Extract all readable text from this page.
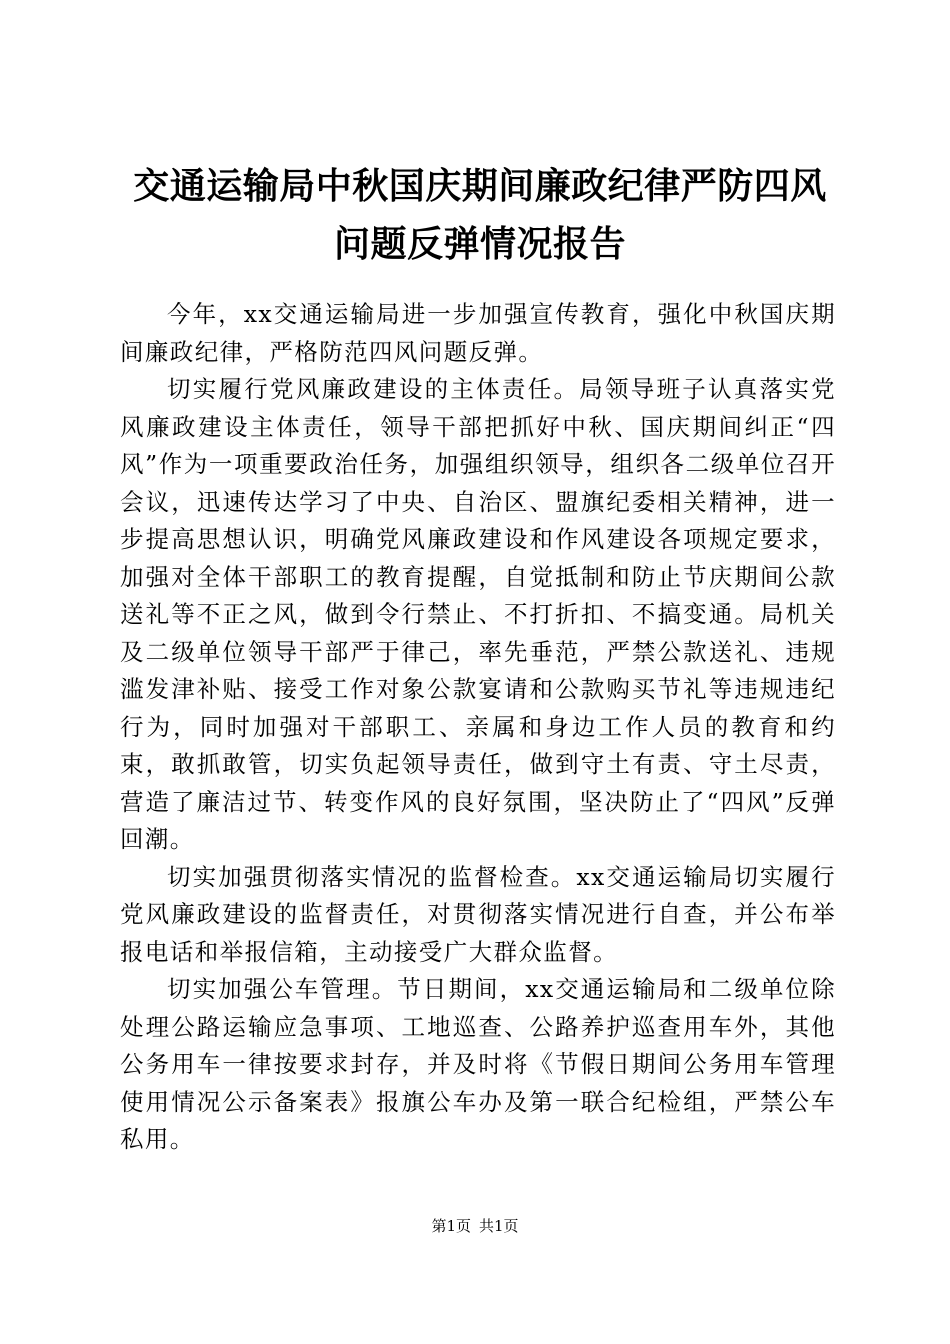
交通运输局中秋国庆期间廉政纪律严防四风问题反弹情况报告

今年，xx交通运输局进一步加强宣传教育，强化中秋国庆期间廉政纪律，严格防范四风问题反弹。

切实履行党风廉政建设的主体责任。局领导班子认真落实党风廉政建设主体责任，领导干部把抓好中秋、国庆期间纠正“四风”作为一项重要政治任务，加强组织领导，组织各二级单位召开会议，迅速传达学习了中央、自治区、盟旗纪委相关精神，进一步提高思想认识，明确党风廉政建设和作风建设各项规定要求，加强对全体干部职工的教育提醒，自觉抵制和防止节庆期间公款送礼等不正之风，做到令行禁止、不打折扣、不搞变通。局机关及二级单位领导干部严于律己，率先垂范，严禁公款送礼、违规滥发津补贴、接受工作对象公款宴请和公款购买节礼等违规违纪行为，同时加强对干部职工、亲属和身边工作人员的教育和约束，敢抓敢管，切实负起领导责任，做到守土有责、守土尽责，营造了廉洁过节、转变作风的良好氛围，坚决防止了“四风”反弹回潮。

切实加强贯彻落实情况的监督检查。xx交通运输局切实履行党风廉政建设的监督责任，对贯彻落实情况进行自查，并公布举报电话和举报信箱，主动接受广大群众监督。

切实加强公车管理。节日期间，xx交通运输局和二级单位除处理公路运输应急事项、工地巡查、公路养护巡查用车外，其他公务用车一律按要求封存，并及时将《节假日期间公务用车管理使用情况公示备案表》报旗公车办及第一联合纪检组，严禁公车私用。

第1页 共1页
